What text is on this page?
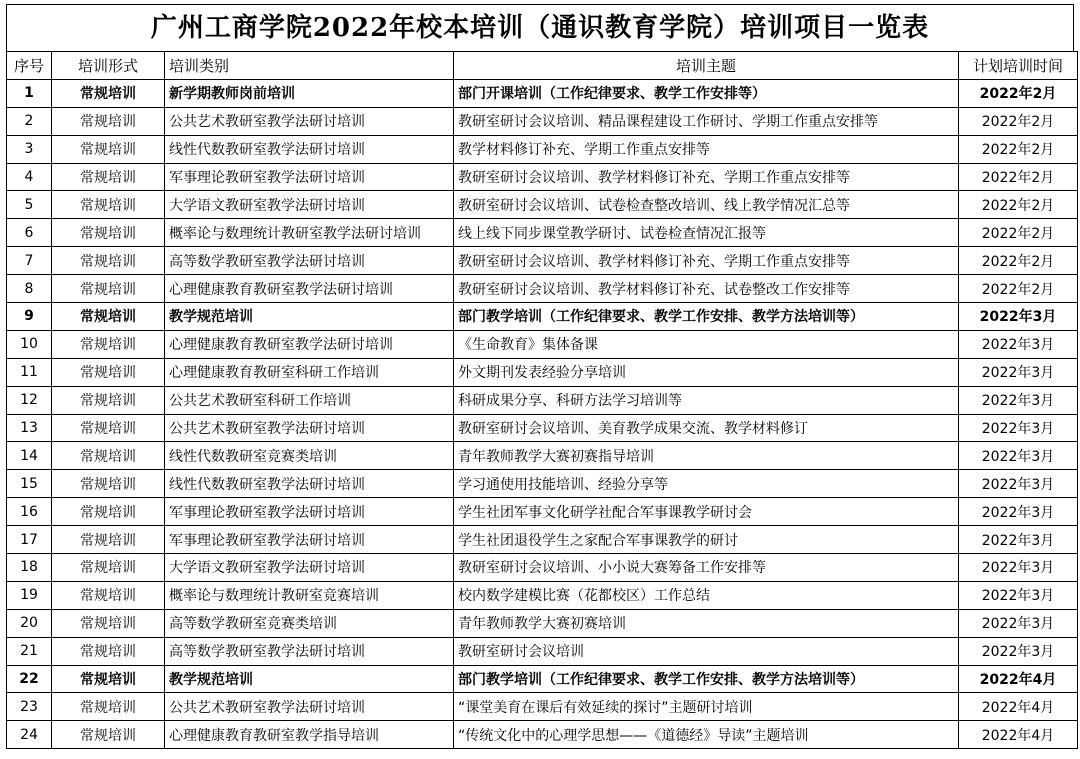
广州工商学院2022年校本培训（通识教育学院）培训项目一览表
序号	培训形式	培训类别	培训主题	计划培训时间
1	常规培训	新学期教师岗前培训	部门开课培训（工作纪律要求、教学工作安排等）	2022年2月
2	常规培训	公共艺术教研室教学法研讨培训	教研室研讨会议培训、精品课程建设工作研讨、学期工作重点安排等	2022年2月
3	常规培训	线性代数教研室教学法研讨培训	教学材料修订补充、学期工作重点安排等	2022年2月
4	常规培训	军事理论教研室教学法研讨培训	教研室研讨会议培训、教学材料修订补充、学期工作重点安排等	2022年2月
5	常规培训	大学语文教研室教学法研讨培训	教研室研讨会议培训、试卷检查整改培训、线上教学情况汇总等	2022年2月
6	常规培训	概率论与数理统计教研室教学法研讨培训	线上线下同步课堂教学研讨、试卷检查情况汇报等	2022年2月
7	常规培训	高等数学教研室教学法研讨培训	教研室研讨会议培训、教学材料修订补充、学期工作重点安排等	2022年2月
8	常规培训	心理健康教育教研室教学法研讨培训	教研室研讨会议培训、教学材料修订补充、试卷整改工作安排等	2022年2月
9	常规培训	教学规范培训	部门教学培训（工作纪律要求、教学工作安排、教学方法培训等）	2022年3月
10	常规培训	心理健康教育教研室教学法研讨培训	《生命教育》集体备课	2022年3月
11	常规培训	心理健康教育教研室科研工作培训	外文期刊发表经验分享培训	2022年3月
12	常规培训	公共艺术教研室科研工作培训	科研成果分享、科研方法学习培训等	2022年3月
13	常规培训	公共艺术教研室教学法研讨培训	教研室研讨会议培训、美育教学成果交流、教学材料修订	2022年3月
14	常规培训	线性代数教研室竞赛类培训	青年教师教学大赛初赛指导培训	2022年3月
15	常规培训	线性代数教研室教学法研讨培训	学习通使用技能培训、经验分享等	2022年3月
16	常规培训	军事理论教研室教学法研讨培训	学生社团军事文化研学社配合军事课教学研讨会	2022年3月
17	常规培训	军事理论教研室教学法研讨培训	学生社团退役学生之家配合军事课教学的研讨	2022年3月
18	常规培训	大学语文教研室教学法研讨培训	教研室研讨会议培训、小小说大赛筹备工作安排等	2022年3月
19	常规培训	概率论与数理统计教研室竞赛培训	校内数学建模比赛（花都校区）工作总结	2022年3月
20	常规培训	高等数学教研室竞赛类培训	青年教师教学大赛初赛培训	2022年3月
21	常规培训	高等数学教研室教学法研讨培训	教研室研讨会议培训	2022年3月
22	常规培训	教学规范培训	部门教学培训（工作纪律要求、教学工作安排、教学方法培训等）	2022年4月
23	常规培训	公共艺术教研室教学法研讨培训	“课堂美育在课后有效延续的探讨”主题研讨培训	2022年4月
24	常规培训	心理健康教育教研室教学指导培训	“传统文化中的心理学思想——《道德经》导读”主题培训	2022年4月
